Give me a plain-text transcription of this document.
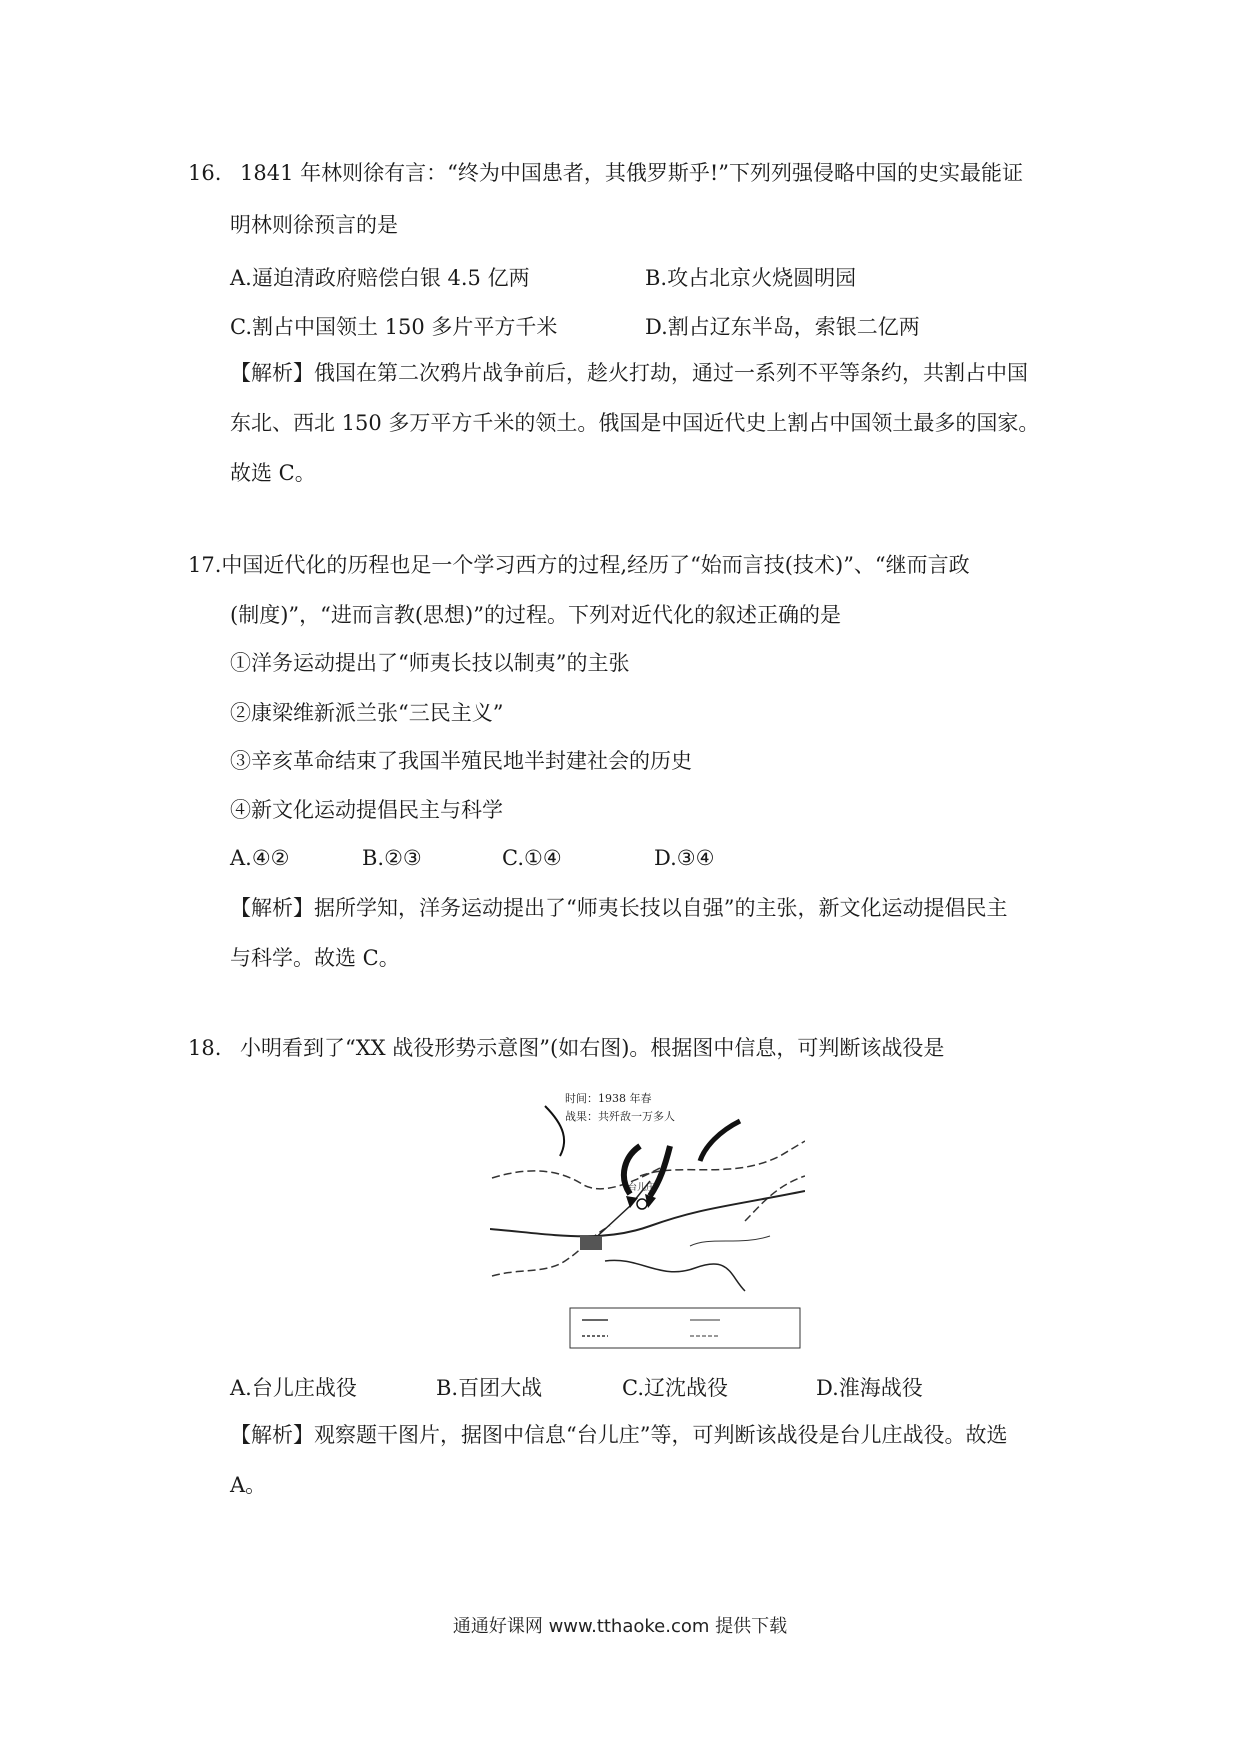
16. 1841 年林则徐有言：“终为中国患者，其俄罗斯乎!”下列列强侵略中国的史实最能证
明林则徐预言的是
A.逼迫清政府赔偿白银 4.5 亿两	B.攻占北京火烧圆明园
C.割占中国领土 150 多片平方千米	D.割占辽东半岛，索银二亿两
【解析】俄国在第二次鸦片战争前后，趁火打劫，通过一系列不平等条约，共割占中国
东北、西北 150 多万平方千米的领土。俄国是中国近代史上割占中国领土最多的国家。
故选 C。
17.中国近代化的历程也足一个学习西方的过程,经历了“始而言技(技术)”、“继而言政
(制度)”，“进而言教(思想)”的过程。下列对近代化的叙述正确的是
①洋务运动提出了“师夷长技以制夷”的主张
②康梁维新派兰张“三民主义”
③辛亥革命结束了我国半殖民地半封建社会的历史
④新文化运动提倡民主与科学
A.④②	B.②③	C.①④	D.③④
【解析】据所学知，洋务运动提出了“师夷长技以自强”的主张，新文化运动提倡民主
与科学。故选 C。
18. 小明看到了“XX 战役形势示意图”(如右图)。根据图中信息，可判断该战役是
时间：1938 年春
战果：共歼敌一万多人
台儿庄
A.台儿庄战役	B.百团大战	C.辽沈战役	D.淮海战役
【解析】观察题干图片，据图中信息“台儿庄”等，可判断该战役是台儿庄战役。故选
A。
通通好课网 www.tthaoke.com 提供下载
